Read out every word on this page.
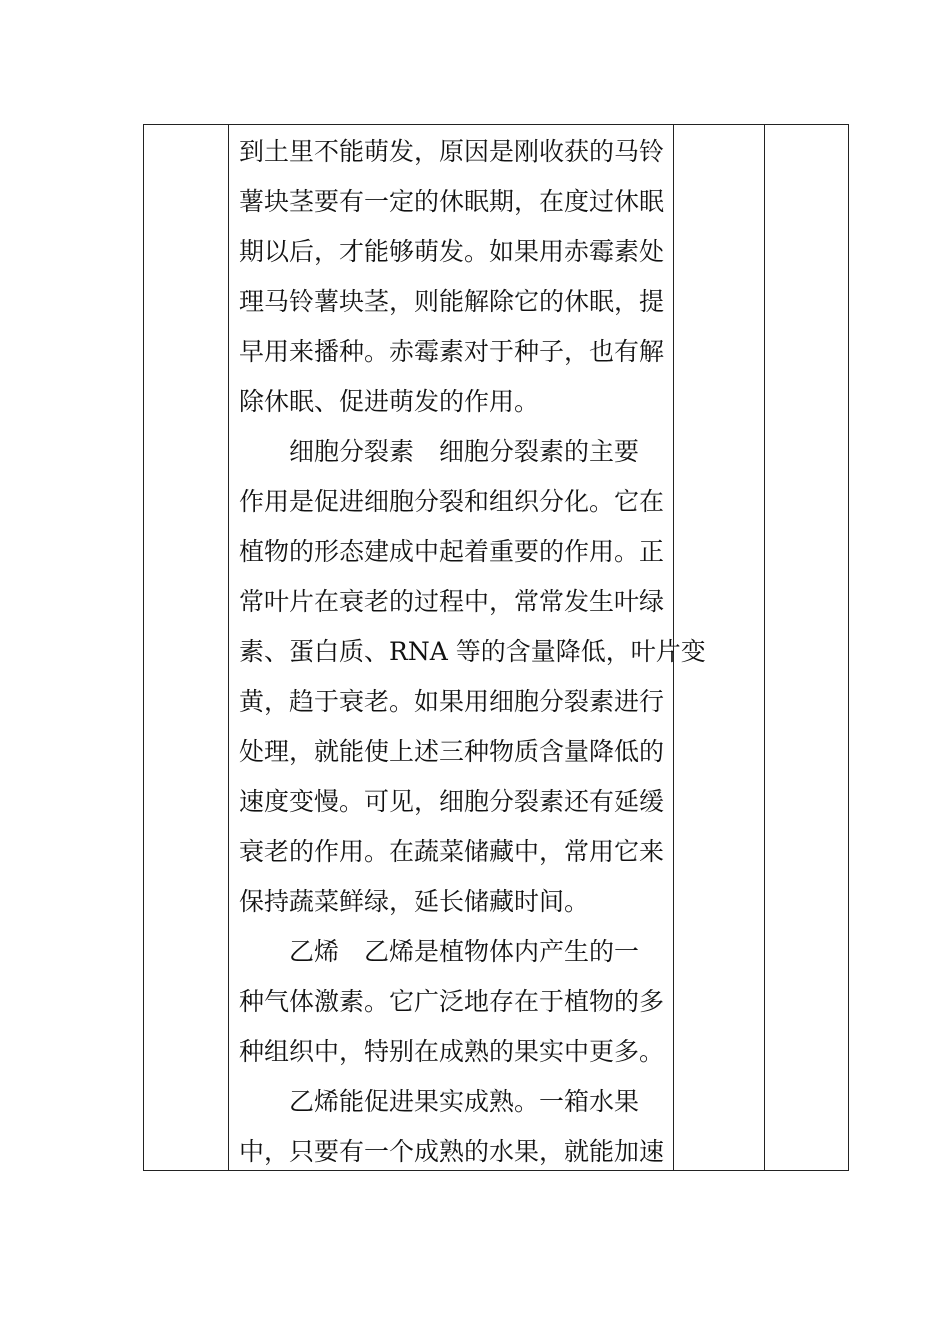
到土里不能萌发，原因是刚收获的马铃
薯块茎要有一定的休眠期，在度过休眠
期以后，才能够萌发。如果用赤霉素处
理马铃薯块茎，则能解除它的休眠，提
早用来播种。赤霉素对于种子，也有解
除休眠、促进萌发的作用。
　　细胞分裂素　细胞分裂素的主要
作用是促进细胞分裂和组织分化。它在
植物的形态建成中起着重要的作用。正
常叶片在衰老的过程中，常常发生叶绿
素、蛋白质、RNA 等的含量降低，叶片变
黄，趋于衰老。如果用细胞分裂素进行
处理，就能使上述三种物质含量降低的
速度变慢。可见，细胞分裂素还有延缓
衰老的作用。在蔬菜储藏中，常用它来
保持蔬菜鲜绿，延长储藏时间。
　　乙烯　乙烯是植物体内产生的一
种气体激素。它广泛地存在于植物的多
种组织中，特别在成熟的果实中更多。
　　乙烯能促进果实成熟。一箱水果
中，只要有一个成熟的水果，就能加速
